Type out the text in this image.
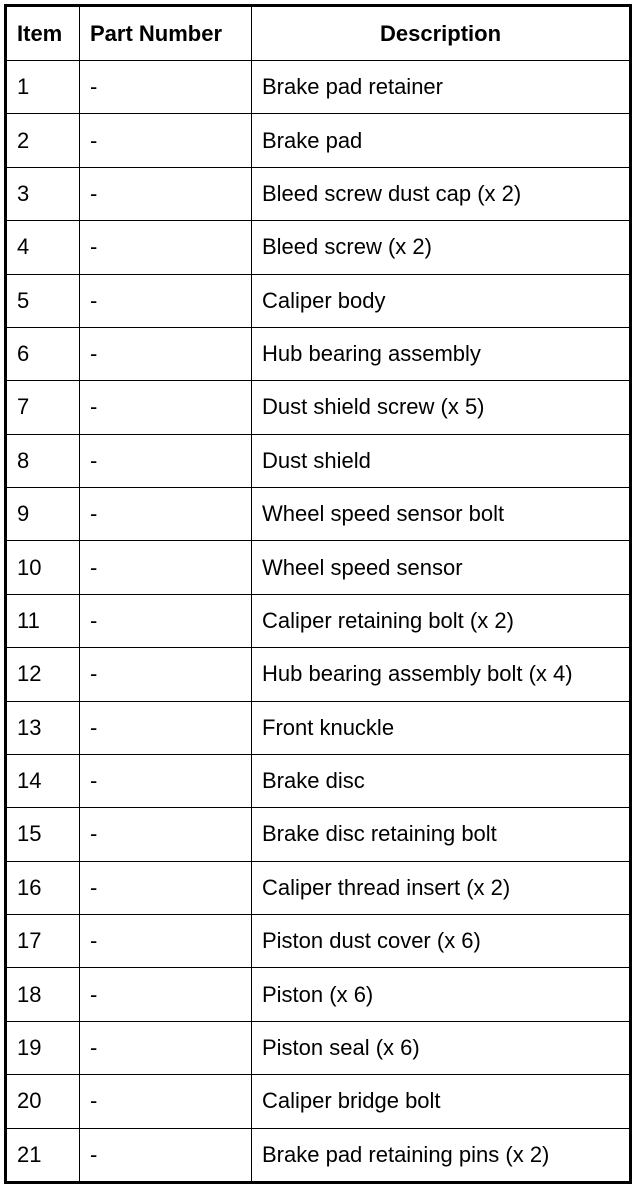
Item	Part Number	Description
1	-	Brake pad retainer
2	-	Brake pad
3	-	Bleed screw dust cap (x 2)
4	-	Bleed screw (x 2)
5	-	Caliper body
6	-	Hub bearing assembly
7	-	Dust shield screw (x 5)
8	-	Dust shield
9	-	Wheel speed sensor bolt
10	-	Wheel speed sensor
11	-	Caliper retaining bolt (x 2)
12	-	Hub bearing assembly bolt (x 4)
13	-	Front knuckle
14	-	Brake disc
15	-	Brake disc retaining bolt
16	-	Caliper thread insert (x 2)
17	-	Piston dust cover (x 6)
18	-	Piston (x 6)
19	-	Piston seal (x 6)
20	-	Caliper bridge bolt
21	-	Brake pad retaining pins (x 2)
